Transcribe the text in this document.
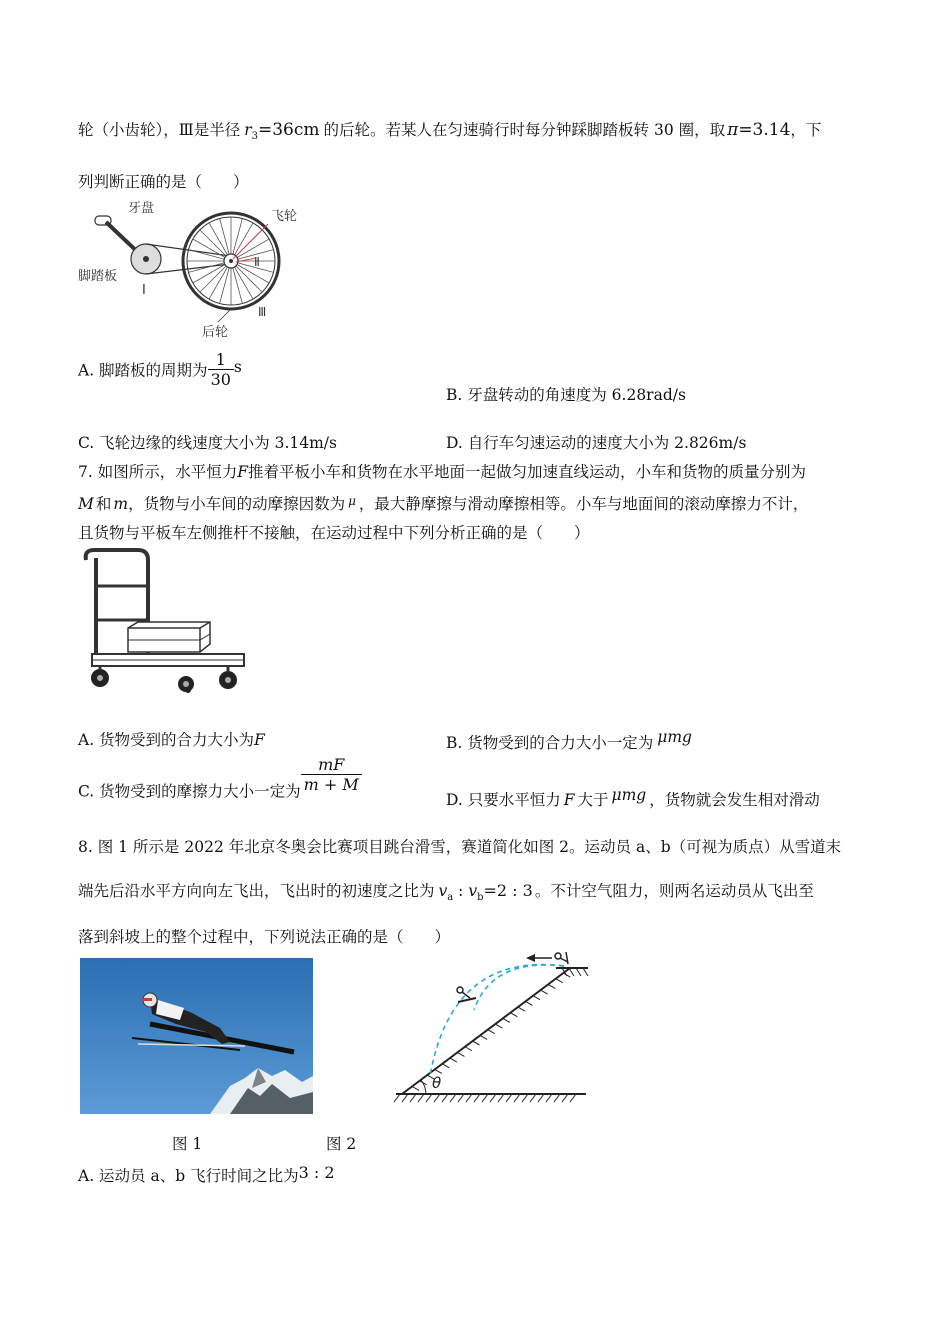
轮（小齿轮），Ⅲ是半径 $r_3=36cm$ 的后轮。若某人在匀速骑行时每分钟踩脚踏板转 30 圈，取 π=3.14，下
列判断正确的是（　　）
牙盘
飞轮
脚踏板
后轮
Ⅰ
Ⅱ
Ⅲ
A. 脚踏板的周期为 $\frac{1}{30}$ s
B. 牙盘转动的角速度为 6.28rad/s
C. 飞轮边缘的线速度大小为 3.14m/s	D. 自行车匀速运动的速度大小为 2.826m/s
7. 如图所示，水平恒力F推着平板小车和货物在水平地面一起做匀加速直线运动，小车和货物的质量分别为
M 和 m，货物与小车间的动摩擦因数为 $^\mu$ ，最大静摩擦与滑动摩擦相等。小车与地面间的滚动摩擦力不计，
且货物与平板车左侧推杆不接触，在运动过程中下列分析正确的是（　　）
A. 货物受到的合力大小为F	B. 货物受到的合力大小一定为 μmg
C. 货物受到的摩擦力大小一定为 $\frac{mF}{m + M}$
D. 只要水平恒力 F 大于 μmg ，货物就会发生相对滑动
8. 图 1 所示是 2022 年北京冬奥会比赛项目跳台滑雪，赛道简化如图 2。运动员 a、b（可视为质点）从雪道末
端先后沿水平方向向左飞出，飞出时的初速度之比为 $v_a$ : $v_b=2$ : 3 。不计空气阻力，则两名运动员从飞出至
落到斜坡上的整个过程中，下列说法正确的是（　　）
θ
图 1	图 2
A. 运动员 a、b 飞行时间之比为3 : 2
